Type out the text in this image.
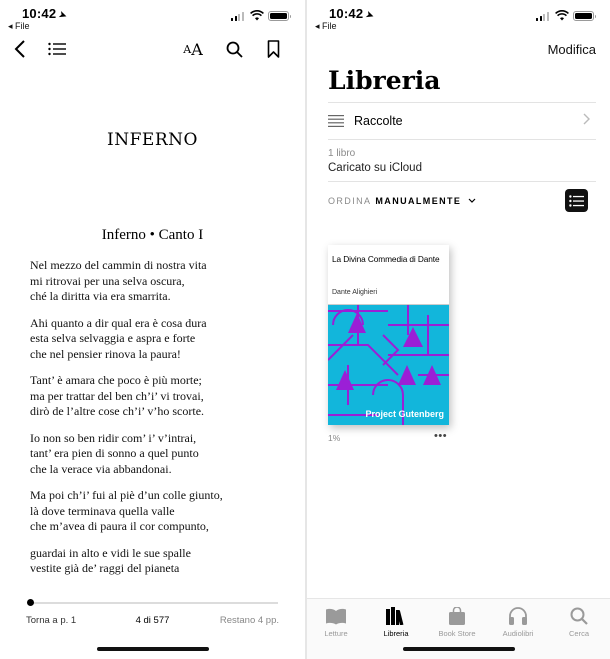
10:42 ➤
◂ File
A A
INFERNO
Inferno • Canto I
Nel mezzo del cammin di nostra vita
mi ritrovai per una selva oscura,
ché la diritta via era smarrita.
Ahi quanto a dir qual era è cosa dura
esta selva selvaggia e aspra e forte
che nel pensier rinova la paura!
Tant’ è amara che poco è più morte;
ma per trattar del ben ch’i’ vi trovai,
dirò de l’altre cose ch’i’ v’ho scorte.
Io non so ben ridir com’ i’ v’intrai,
tant’ era pien di sonno a quel punto
che la verace via abbandonai.
Ma poi ch’i’ fui al piè d’un colle giunto,
là dove terminava quella valle
che m’avea di paura il cor compunto,
guardai in alto e vidi le sue spalle
vestite già de’ raggi del pianeta
Torna a p. 1	4 di 577	Restano 4 pp.
10:42 ➤
◂ File
Modifica
Libreria
Raccolte
1 libro
Caricato su iCloud
ORDINA MANUALMENTE
La Divina Commedia di Dante
Dante Alighieri
Project Gutenberg
1%	•••
Letture	Libreria	Book Store	Audiolibri	Cerca
